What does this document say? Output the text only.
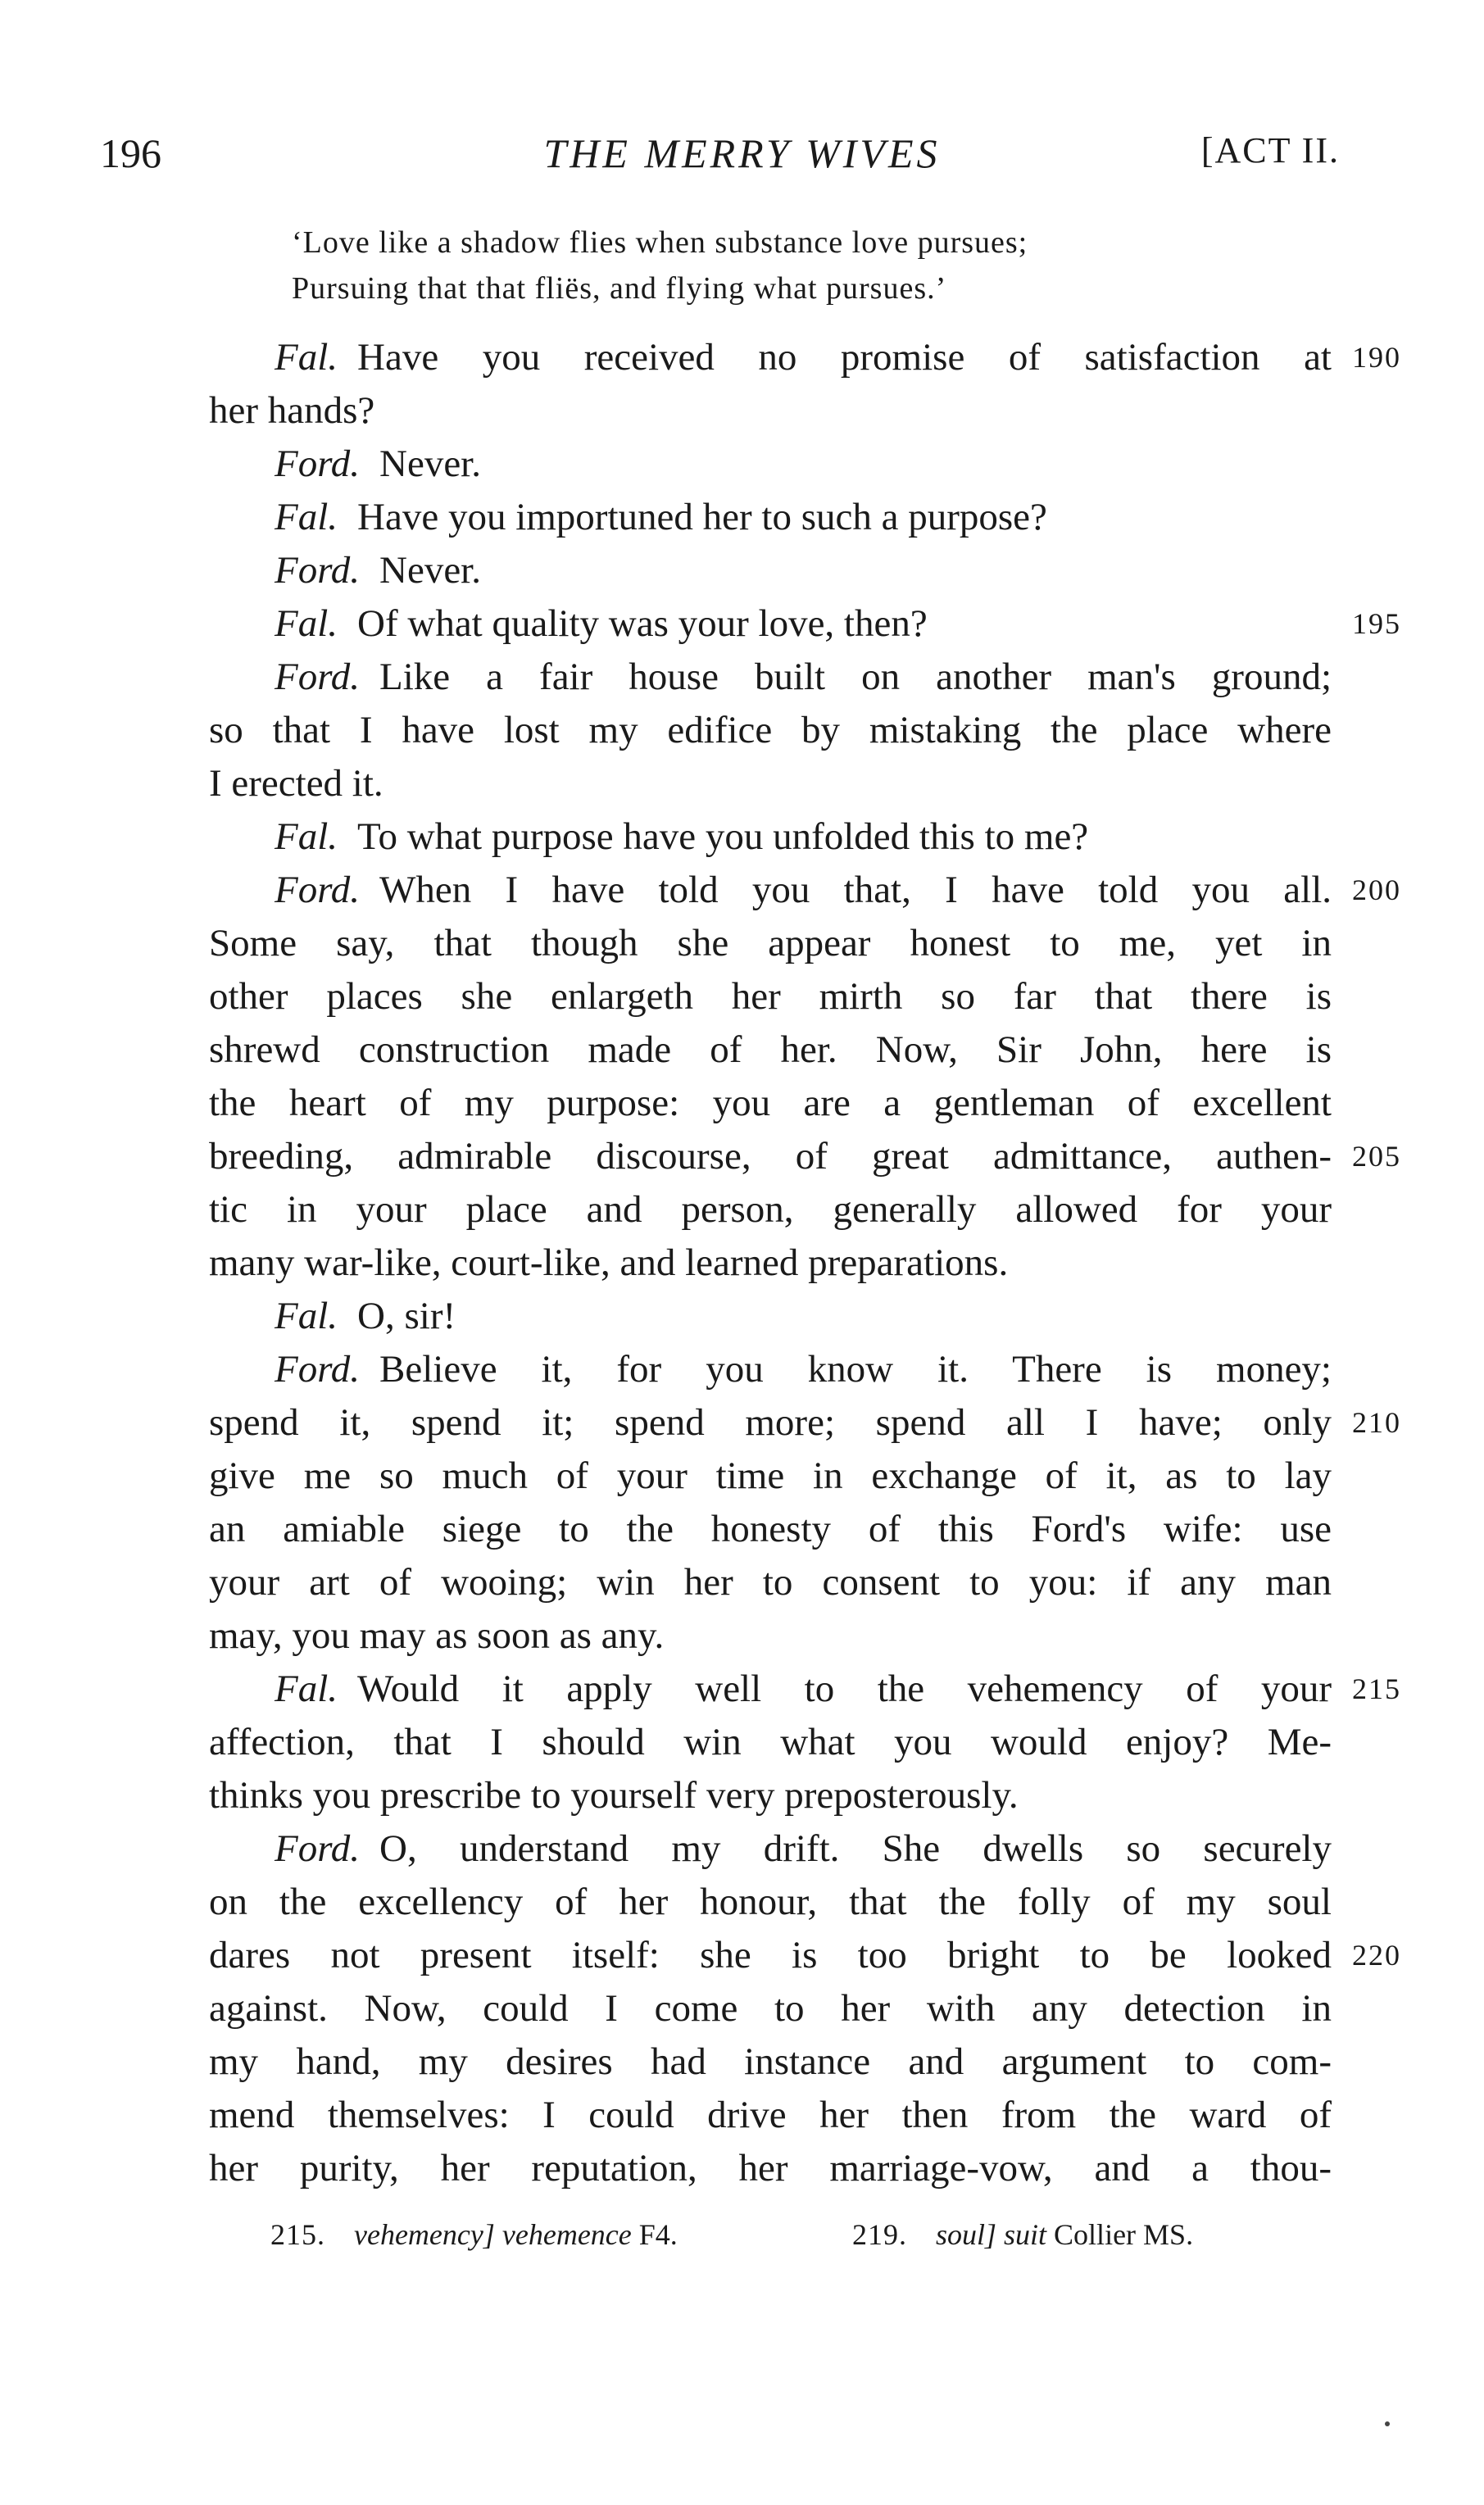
196	THE MERRY WIVES	[ACT II.
‘Love like a shadow flies when substance love pursues;
Pursuing that that fliës, and flying what pursues.’
Fal. Have you received no promise of satisfaction at 190
her hands?
Ford. Never.
Fal. Have you importuned her to such a purpose?
Ford. Never.
Fal. Of what quality was your love, then?	195
Ford. Like a fair house built on another man's ground;
so that I have lost my edifice by mistaking the place where
I erected it.
Fal. To what purpose have you unfolded this to me?
Ford. When I have told you that, I have told you all. 200
Some say, that though she appear honest to me, yet in
other places she enlargeth her mirth so far that there is
shrewd construction made of her. Now, Sir John, here is
the heart of my purpose: you are a gentleman of excellent
breeding, admirable discourse, of great admittance, authen- 205
tic in your place and person, generally allowed for your
many war-like, court-like, and learned preparations.
Fal. O, sir!
Ford. Believe it, for you know it. There is money;
spend it, spend it; spend more; spend all I have; only 210
give me so much of your time in exchange of it, as to lay
an amiable siege to the honesty of this Ford's wife: use
your art of wooing; win her to consent to you: if any man
may, you may as soon as any.
Fal. Would it apply well to the vehemency of your 215
affection, that I should win what you would enjoy? Me-
thinks you prescribe to yourself very preposterously.
Ford. O, understand my drift. She dwells so securely
on the excellency of her honour, that the folly of my soul
dares not present itself: she is too bright to be looked 220
against. Now, could I come to her with any detection in
my hand, my desires had instance and argument to com-
mend themselves: I could drive her then from the ward of
her purity, her reputation, her marriage-vow, and a thou-
215. vehemency] vehemence F4.	219. soul] suit Collier MS.
